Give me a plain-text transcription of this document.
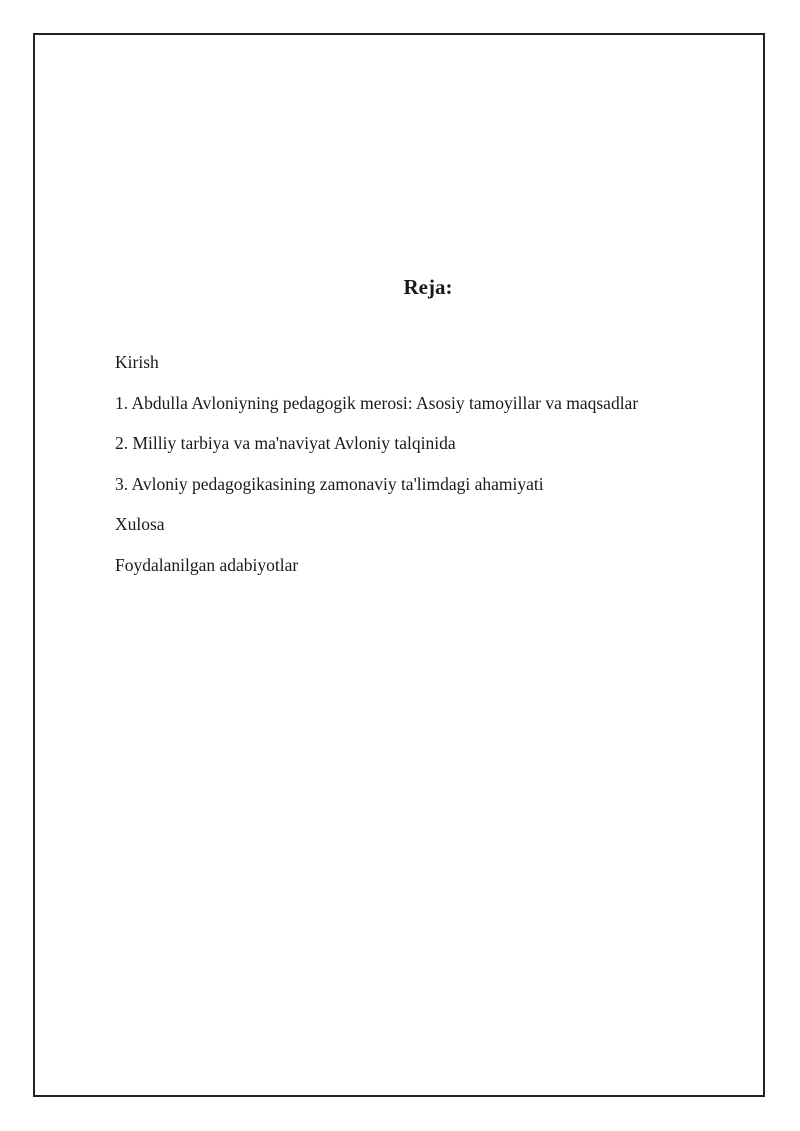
Reja:
Kirish
1. Abdulla Avloniyning pedagogik merosi: Asosiy tamoyillar va maqsadlar
2. Milliy tarbiya va ma'naviyat Avloniy talqinida
3. Avloniy pedagogikasining zamonaviy ta'limdagi ahamiyati
Xulosa
Foydalanilgan adabiyotlar
